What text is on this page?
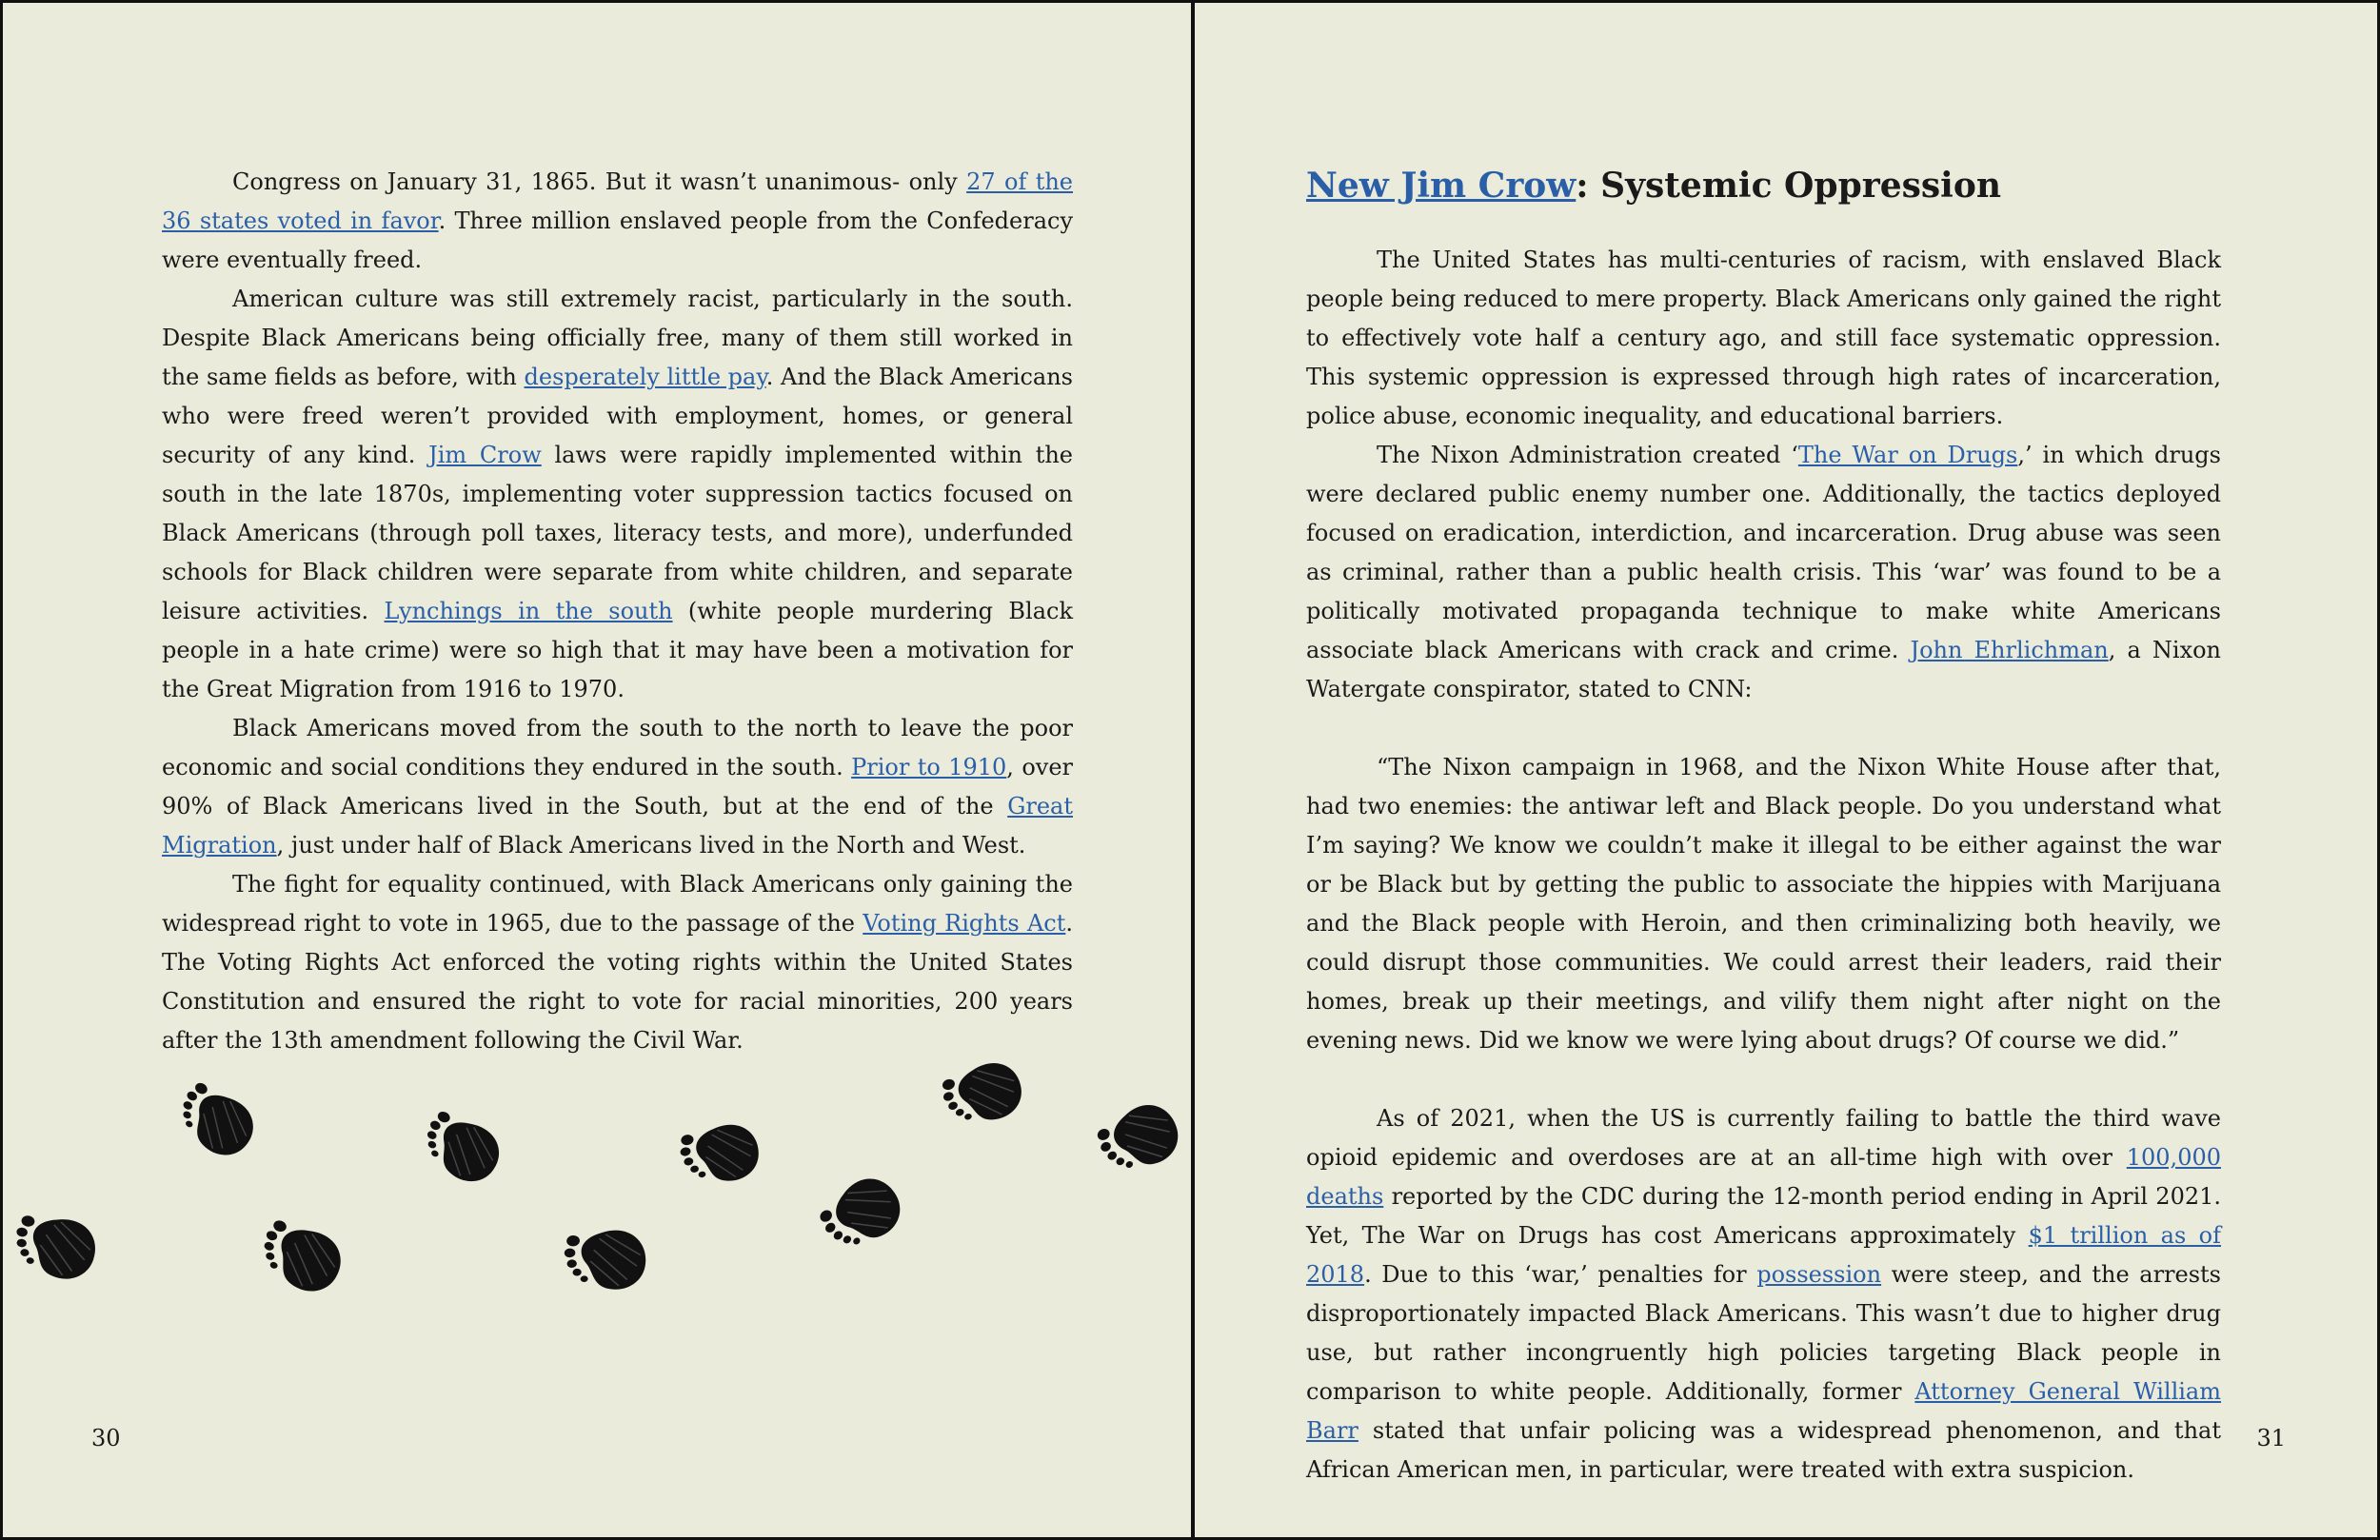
Congress on January 31, 1865. But it wasn’t unanimous- only 27 of the 36 states voted in favor. Three million enslaved people from the Confederacy were eventually freed.

American culture was still extremely racist, particularly in the south. Despite Black Americans being officially free, many of them still worked in the same fields as before, with desperately little pay. And the Black Americans who were freed weren’t provided with employment, homes, or general security of any kind. Jim Crow laws were rapidly implemented within the south in the late 1870s, implementing voter suppression tactics focused on Black Americans (through poll taxes, literacy tests, and more), underfunded schools for Black children were separate from white children, and separate leisure activities. Lynchings in the south (white people murdering Black people in a hate crime) were so high that it may have been a motivation for the Great Migration from 1916 to 1970.

Black Americans moved from the south to the north to leave the poor economic and social conditions they endured in the south. Prior to 1910, over 90% of Black Americans lived in the South, but at the end of the Great Migration, just under half of Black Americans lived in the North and West.

The fight for equality continued, with Black Americans only gaining the widespread right to vote in 1965, due to the passage of the Voting Rights Act. The Voting Rights Act enforced the voting rights within the United States Constitution and ensured the right to vote for racial minorities, 200 years after the 13th amendment following the Civil War.

30
New Jim Crow: Systemic Oppression

The United States has multi-centuries of racism, with enslaved Black people being reduced to mere property. Black Americans only gained the right to effectively vote half a century ago, and still face systematic oppression. This systemic oppression is expressed through high rates of incarceration, police abuse, economic inequality, and educational barriers.

The Nixon Administration created ‘The War on Drugs,’ in which drugs were declared public enemy number one. Additionally, the tactics deployed focused on eradication, interdiction, and incarceration. Drug abuse was seen as criminal, rather than a public health crisis. This ‘war’ was found to be a politically motivated propaganda technique to make white Americans associate black Americans with crack and crime. John Ehrlichman, a Nixon Watergate conspirator, stated to CNN:

“The Nixon campaign in 1968, and the Nixon White House after that, had two enemies: the antiwar left and Black people. Do you understand what I’m saying? We know we couldn’t make it illegal to be either against the war or be Black but by getting the public to associate the hippies with Marijuana and the Black people with Heroin, and then criminalizing both heavily, we could disrupt those communities. We could arrest their leaders, raid their homes, break up their meetings, and vilify them night after night on the evening news. Did we know we were lying about drugs? Of course we did.”

As of 2021, when the US is currently failing to battle the third wave opioid epidemic and overdoses are at an all-time high with over 100,000 deaths reported by the CDC during the 12-month period ending in April 2021. Yet, The War on Drugs has cost Americans approximately $1 trillion as of 2018. Due to this ‘war,’ penalties for possession were steep, and the arrests disproportionately impacted Black Americans. This wasn’t due to higher drug use, but rather incongruently high policies targeting Black people in comparison to white people. Additionally, former Attorney General William Barr stated that unfair policing was a widespread phenomenon, and that African American men, in particular, were treated with extra suspicion.

31
